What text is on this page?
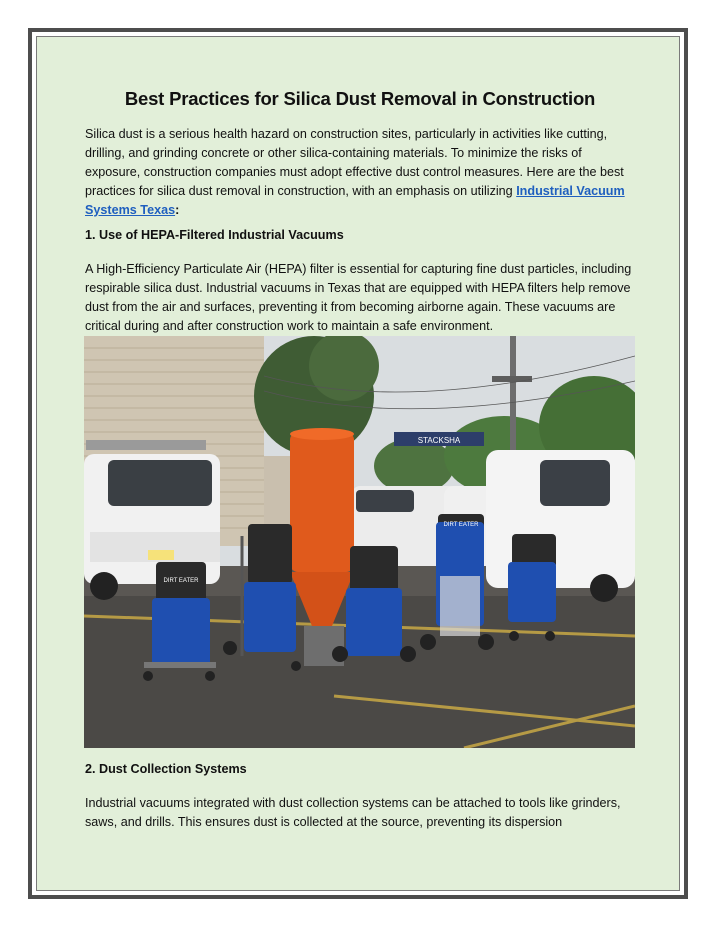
Best Practices for Silica Dust Removal in Construction

Silica dust is a serious health hazard on construction sites, particularly in activities like cutting, drilling, and grinding concrete or other silica-containing materials. To minimize the risks of exposure, construction companies must adopt effective dust control measures. Here are the best practices for silica dust removal in construction, with an emphasis on utilizing Industrial Vacuum Systems Texas:

1. Use of HEPA-Filtered Industrial Vacuums

A High-Efficiency Particulate Air (HEPA) filter is essential for capturing fine dust particles, including respirable silica dust. Industrial vacuums in Texas that are equipped with HEPA filters help remove dust from the air and surfaces, preventing it from becoming airborne again. These vacuums are critical during and after construction work to maintain a safe environment.

STACKSHA
DIRT EATER
DIRT EATER
2. Dust Collection Systems

Industrial vacuums integrated with dust collection systems can be attached to tools like grinders, saws, and drills. This ensures dust is collected at the source, preventing its dispersion
